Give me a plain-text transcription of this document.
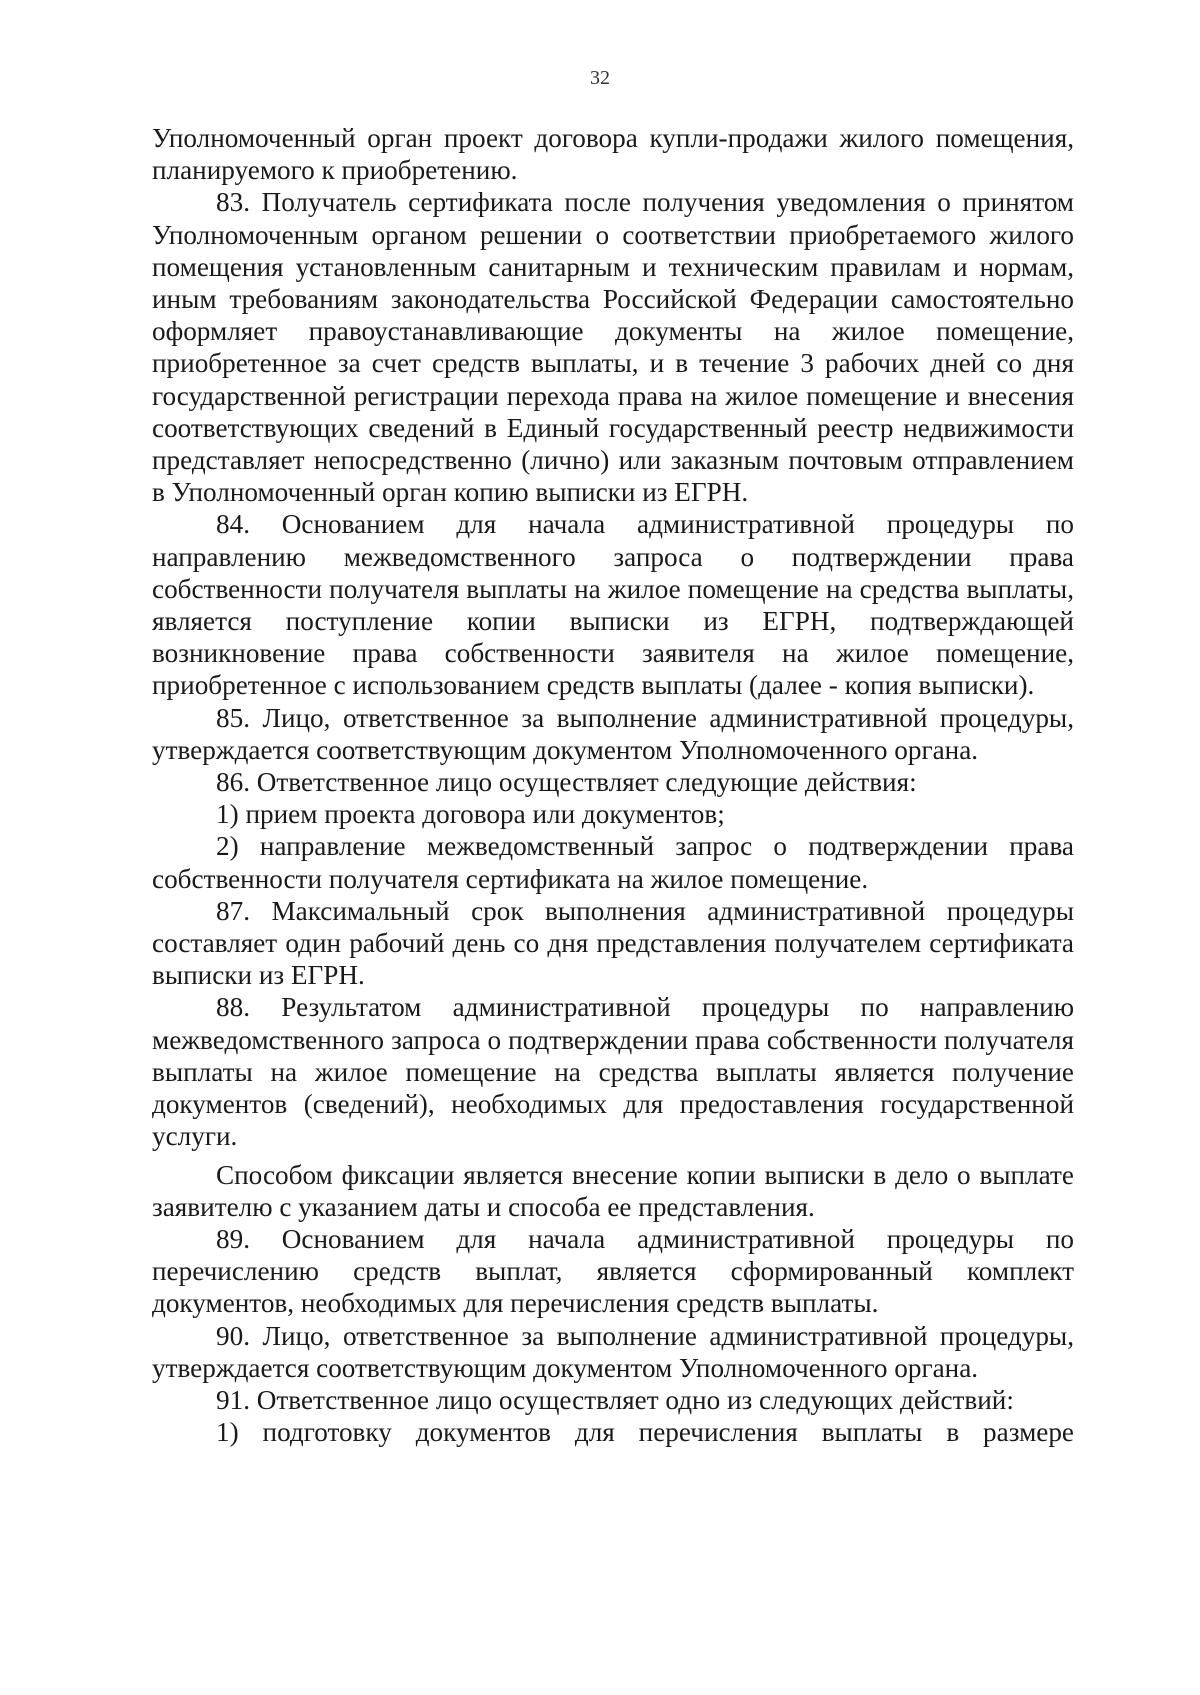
32

Уполномоченный орган проект договора купли-продажи жилого помещения, планируемого к приобретению.

83. Получатель сертификата после получения уведомления о принятом Уполномоченным органом решении о соответствии приобретаемого жилого помещения установленным санитарным и техническим правилам и нормам, иным требованиям законодательства Российской Федерации самостоятельно оформляет правоустанавливающие документы на жилое помещение, приобретенное за счет средств выплаты, и в течение 3 рабочих дней со дня государственной регистрации перехода права на жилое помещение и внесения соответствующих сведений в Единый государственный реестр недвижимости представляет непосредственно (лично) или заказным почтовым отправлением в Уполномоченный орган копию выписки из ЕГРН.

84. Основанием для начала административной процедуры по направлению межведомственного запроса о подтверждении права собственности получателя выплаты на жилое помещение на средства выплаты, является поступление копии выписки из ЕГРН, подтверждающей возникновение права собственности заявителя на жилое помещение, приобретенное с использованием средств выплаты (далее - копия выписки).

85. Лицо, ответственное за выполнение административной процедуры, утверждается соответствующим документом Уполномоченного органа.

86. Ответственное лицо осуществляет следующие действия:

1) прием проекта договора или документов;

2) направление межведомственный запрос о подтверждении права собственности получателя сертификата на жилое помещение.

87. Максимальный срок выполнения административной процедуры составляет один рабочий день со дня представления получателем сертификата выписки из ЕГРН.

88. Результатом административной процедуры по направлению межведомственного запроса о подтверждении права собственности получателя выплаты на жилое помещение на средства выплаты является получение документов (сведений), необходимых для предоставления государственной услуги.

Способом фиксации является внесение копии выписки в дело о выплате заявителю с указанием даты и способа ее представления.

89. Основанием для начала административной процедуры по перечислению средств выплат, является сформированный комплект документов, необходимых для перечисления средств выплаты.

90. Лицо, ответственное за выполнение административной процедуры, утверждается соответствующим документом Уполномоченного органа.

91. Ответственное лицо осуществляет одно из следующих действий:

1) подготовку документов для перечисления выплаты в размере
